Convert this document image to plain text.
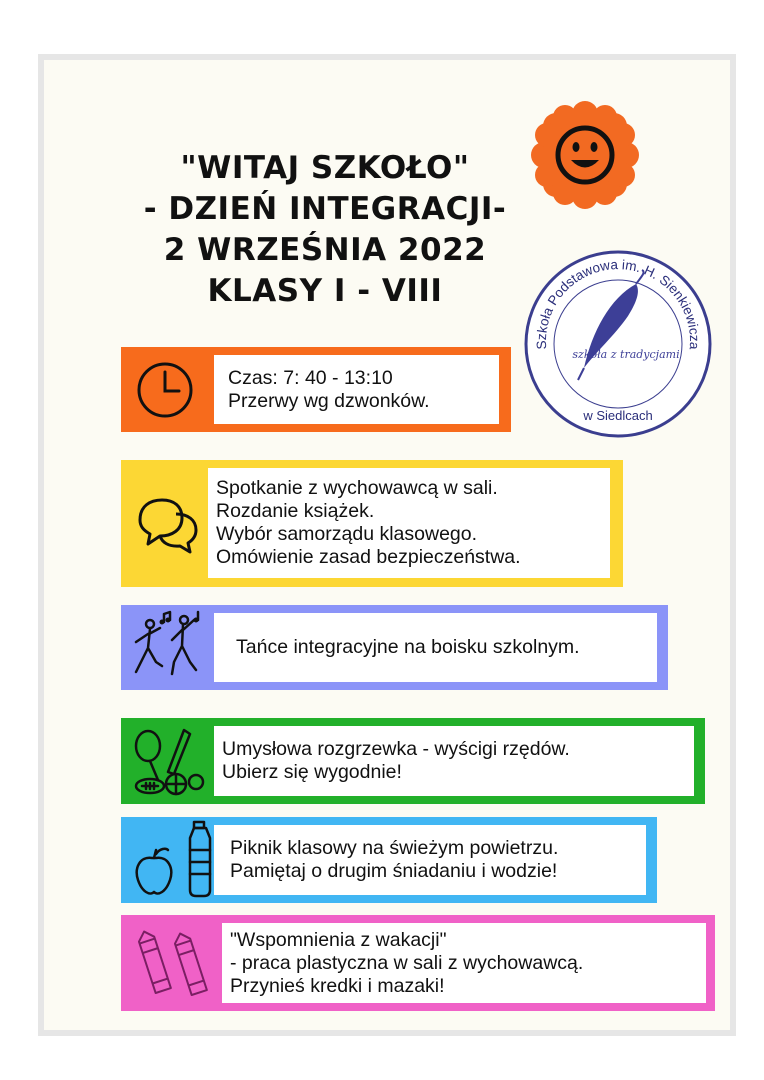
"WITAJ SZKOŁO"
- DZIEŃ INTEGRACJI-
2 WRZEŚNIA 2022
KLASY I - VIII
Szkoła Podstawowa im. H. Sienkiewicza
w Siedlcach
szkoła z tradycjami
Czas: 7: 40 - 13:10
Przerwy wg dzwonków.
Spotkanie z wychowawcą w sali.
Rozdanie książek.
Wybór samorządu klasowego.
Omówienie zasad bezpieczeństwa.
Tańce integracyjne na boisku szkolnym.
Umysłowa rozgrzewka - wyścigi rzędów.
Ubierz się wygodnie!
Piknik klasowy na świeżym powietrzu.
Pamiętaj o drugim śniadaniu i wodzie!
"Wspomnienia z wakacji"
- praca plastyczna w sali z wychowawcą.
Przynieś kredki i mazaki!
